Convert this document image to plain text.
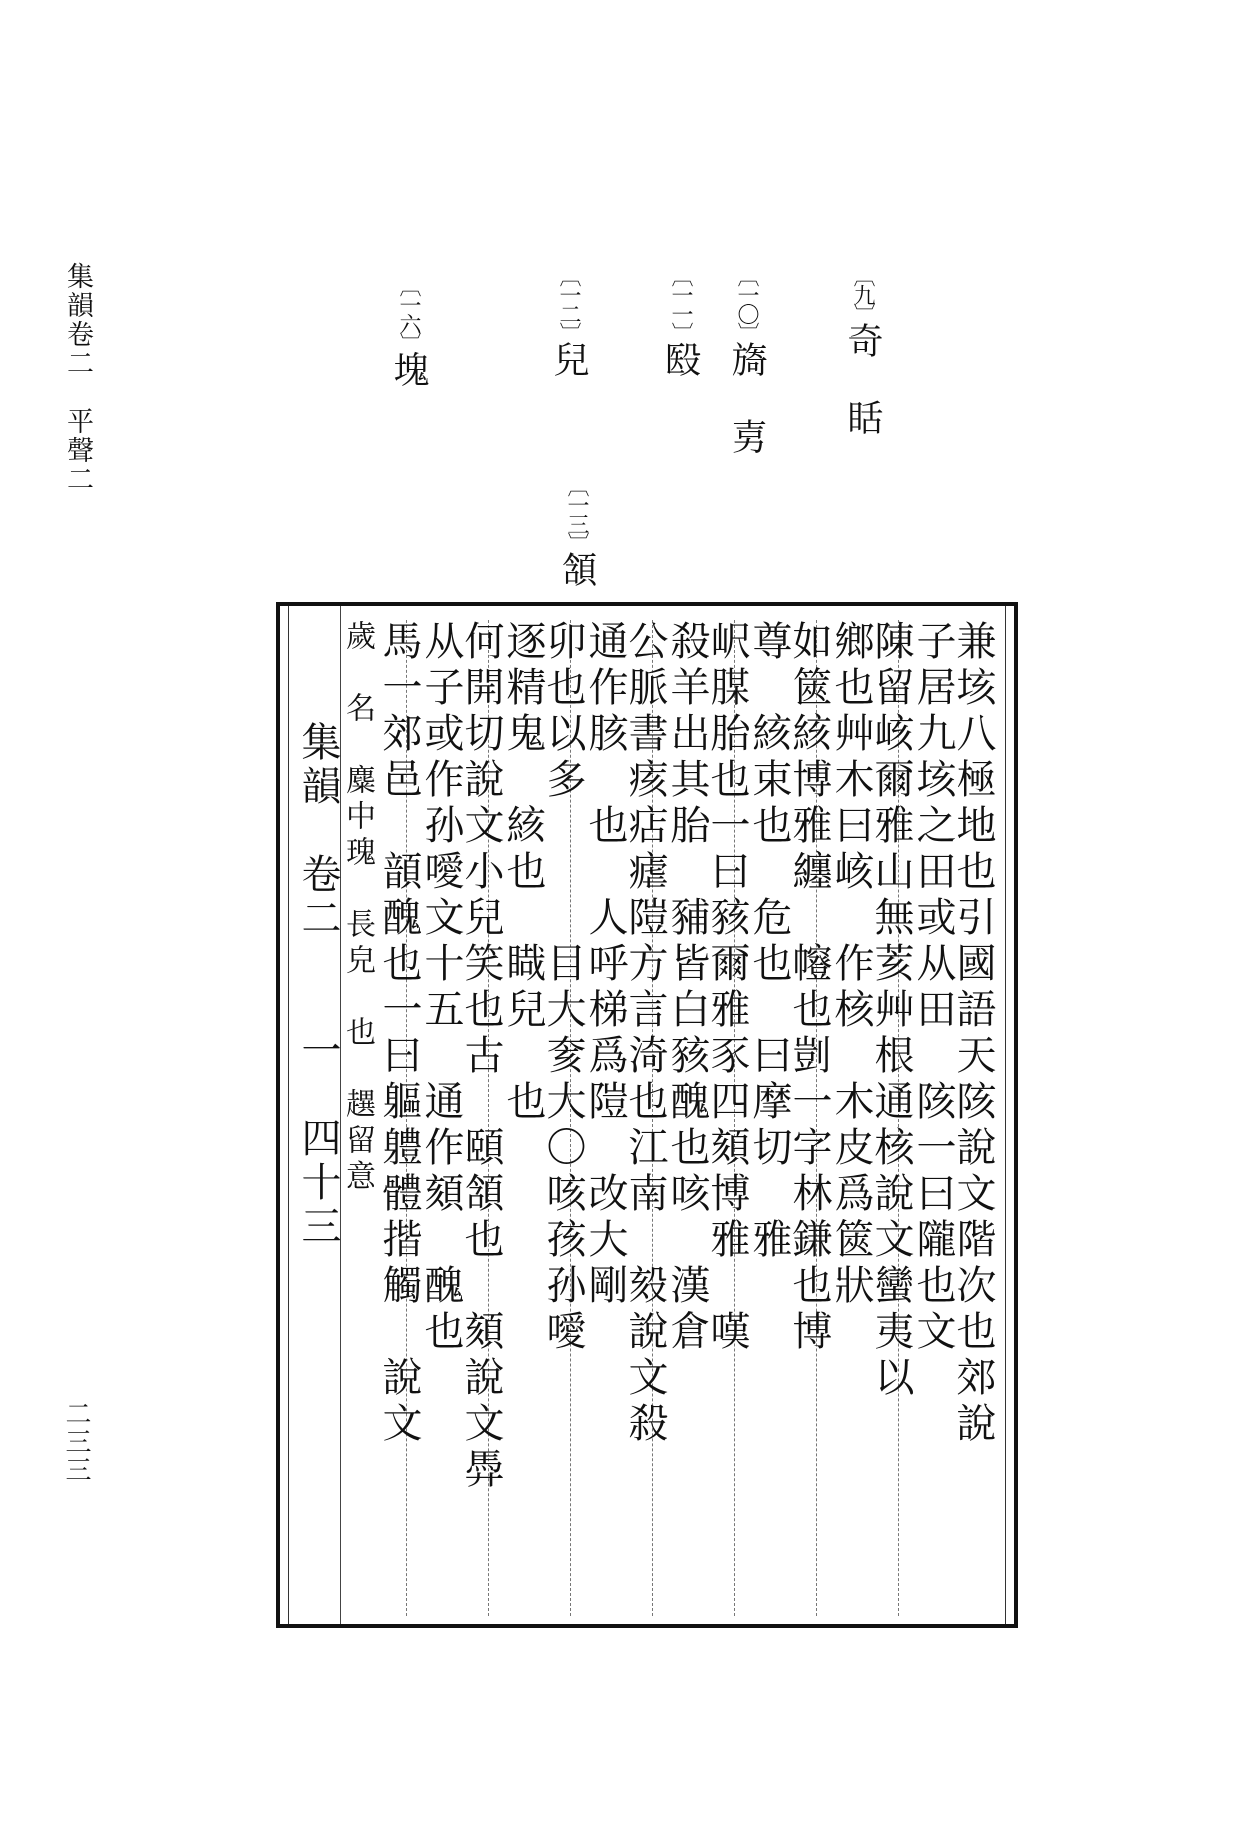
集韻卷二　平聲二
二三三
〔九〕奇 䀨
〔一〇〕旖 㔛
〔一一〕殹
〔一二〕兒
〔一三〕頷
〔一六〕塊
集韻　卷二　　一　四十三	兼垓八極地也引國語天陔說文階次也郊說
子居九垓之田或从田　陔一曰隴也文
陳留峐爾雅山無荄艸根通核說文蠻夷以
鄉也艸木曰峐　作核　木皮爲篋狀
如篋絯博雅纏　㡧也剴一字林鎌也博
尊　絯束也　危也　曰摩切　雅
𡵸腜胎也一曰豥爾雅豕四頦博雅　嘆
殺羊出其胎　豧皆白豥醜也咳　漢倉
公脈書痎痁瘧隑方言渏也江南　㱾說文殺
通作胲　也　人呼梯爲隑　改大剛
卯也以多　　　目大奒大〇咳孩孙噯
逐精鬼　絯也　睵兒　也
何開切說文小兒笑也古　頤頷也　頦說文馵
从子或作孙噯文十五　通作頦　醜也
馬一郊邑　𩐳醜也一曰軀軆體揩觸　說文
歲　名　麋中瑰　長皃　也　趩留意
